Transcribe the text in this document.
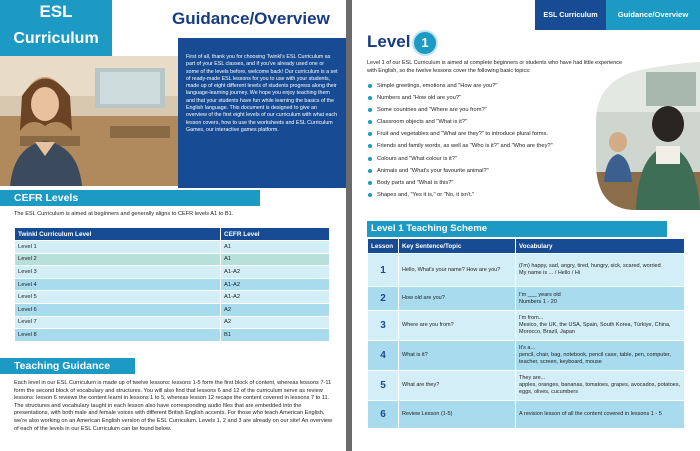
ESL
Curriculum
Guidance/Overview
First of all, thank you for choosing Twinkl's ESL Curriculum as part of your ESL classes, and if you've already used one or some of the levels before, welcome back! Our curriculum is a set of ready-made ESL lessons for you to use with your students, made up of eight different levels of students progress along their language-learning journey. We hope you enjoy teaching them and that your students have fun while learning the basics of the English language. This document is designed to give an overview of the first eight levels of our curriculum with what each lesson covers, how to use the worksheets and ESL Curriculum Games, our interactive games platform.
CEFR Levels
The ESL Curriculum is aimed at beginners and generally aligns to CEFR levels A1 to B1.
Twinkl Curriculum Level	CEFR Level
Level 1	A1
Level 2	A1
Level 3	A1-A2
Level 4	A1-A2
Level 5	A1-A2
Level 6	A2
Level 7	A2
Level 8	B1
Teaching Guidance
Each level in our ESL Curriculum is made up of twelve lessons: lessons 1-5 form the first block of content, whereas lessons 7-11 form the second block of vocabulary and structures. You will also find that lessons 6 and 12 of the curriculum serve as review lessons: lesson 6 reviews the content learnt in lessons 1 to 5, whereas lesson 12 recaps the content covered in lessons 7 to 11. The structures and vocabulary taught in each lesson also have corresponding audio files that are embedded into the presentations, with both male and female voices with different British English accents. For those who teach American English, we're also working on an American English version of the ESL Curriculum. Levels 1, 2 and 3 are already on our site! An overview of each of the levels in our ESL Curriculum can be found below.
ESL Curriculum	Guidance/Overview
Level 1
Level 1 of our ESL Curriculum is aimed at complete beginners or students who have had little experience with English, so the twelve lessons cover the following basic topics:
Simple greetings, emotions and "How are you?"
Numbers and "How old are you?"
Some countries and "Where are you from?"
Classroom objects and "What is it?"
Fruit and vegetables and "What are they?" to introduce plural forms.
Friends and family words, as well as "Who is it?" and "Who are they?"
Colours and "What colour is it?"
Animals and "What's your favourite animal?"
Body parts and "What is this?"
Shapes and, "Yes it is," or "No, it isn't."
Level 1 Teaching Scheme
Lesson	Key Sentence/Topic	Vocabulary
1	Hello, What's your name? How are you?	(I'm) happy, sad, angry, tired, hungry, sick, scared, worried
My name is ... / Hello / Hi

2	How old are you?	I'm ___ years old
Numbers 1 - 20

3	Where are you from?	I'm from...
Mexico, the UK, the USA, Spain, South Korea, Türkiye, China, Morocco, Brazil, Japan

4	What is it?	It's a...
pencil, chair, bag, notebook, pencil case, table, pen, computer, teacher, screen, keyboard, mouse

5	What are they?	They are...
apples, oranges, bananas, tomatoes, grapes, avocados, potatoes, eggs, olives, cucumbers

6	Review Lesson (1-5)	A revision lesson of all the content covered in lessons 1 - 5
